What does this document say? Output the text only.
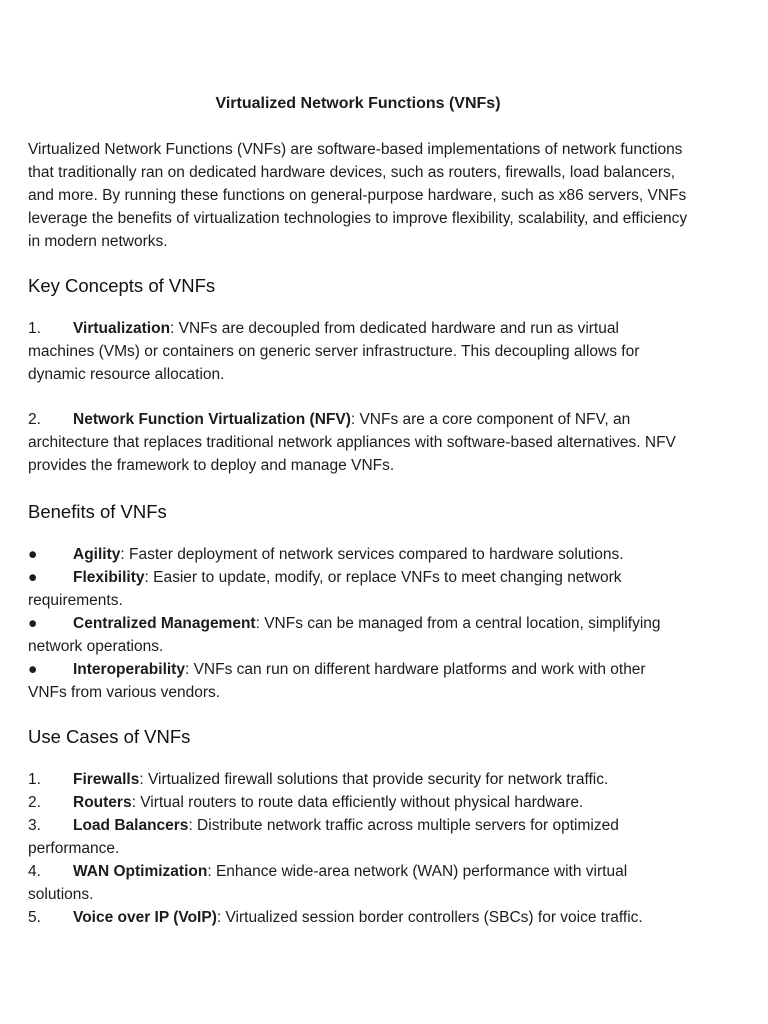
Virtualized Network Functions (VNFs)

Virtualized Network Functions (VNFs) are software-based implementations of network functions that traditionally ran on dedicated hardware devices, such as routers, firewalls, load balancers, and more. By running these functions on general-purpose hardware, such as x86 servers, VNFs leverage the benefits of virtualization technologies to improve flexibility, scalability, and efficiency in modern networks.

Key Concepts of VNFs

1. Virtualization: VNFs are decoupled from dedicated hardware and run as virtual machines (VMs) or containers on generic server infrastructure. This decoupling allows for dynamic resource allocation.

2. Network Function Virtualization (NFV): VNFs are a core component of NFV, an architecture that replaces traditional network appliances with software-based alternatives. NFV provides the framework to deploy and manage VNFs.

Benefits of VNFs

● Agility: Faster deployment of network services compared to hardware solutions.

● Flexibility: Easier to update, modify, or replace VNFs to meet changing network requirements.

● Centralized Management: VNFs can be managed from a central location, simplifying network operations.

● Interoperability: VNFs can run on different hardware platforms and work with other VNFs from various vendors.

Use Cases of VNFs

1. Firewalls: Virtualized firewall solutions that provide security for network traffic.

2. Routers: Virtual routers to route data efficiently without physical hardware.

3. Load Balancers: Distribute network traffic across multiple servers for optimized performance.

4. WAN Optimization: Enhance wide-area network (WAN) performance with virtual solutions.

5. Voice over IP (VoIP): Virtualized session border controllers (SBCs) for voice traffic.
